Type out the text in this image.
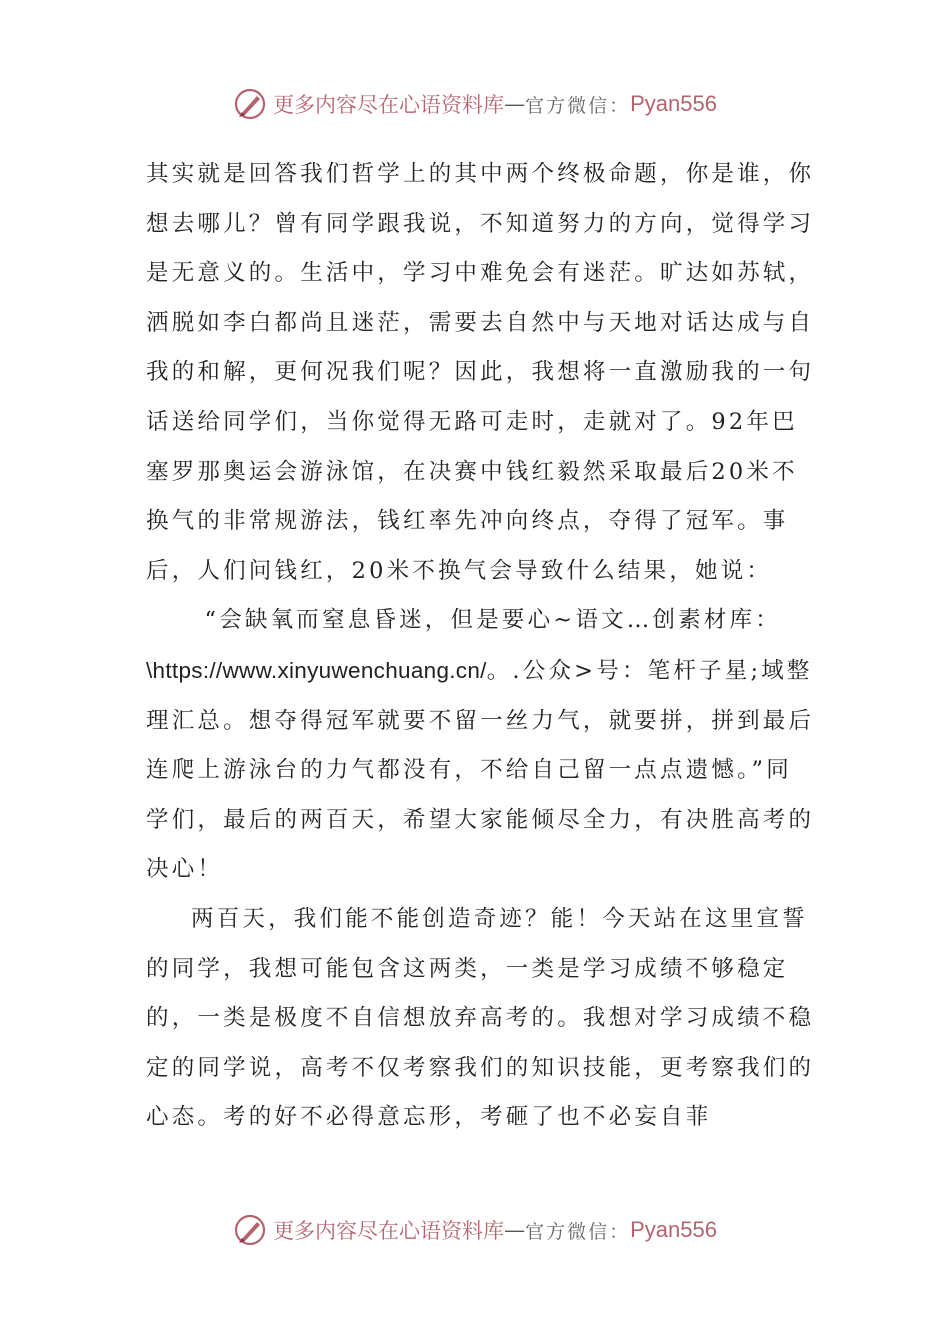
更多内容尽在心语资料库 — 官方微信： Pyan556

其实就是回答我们哲学上的其中两个终极命题，你是谁，你想去哪儿？曾有同学跟我说，不知道努力的方向，觉得学习是无意义的。生活中，学习中难免会有迷茫。旷达如苏轼，洒脱如李白都尚且迷茫，需要去自然中与天地对话达成与自我的和解，更何况我们呢？因此，我想将一直激励我的一句话送给同学们，当你觉得无路可走时，走就对了。92年巴塞罗那奥运会游泳馆，在决赛中钱红毅然采取最后20米不换气的非常规游法，钱红率先冲向终点，夺得了冠军。事后，人们问钱红，20米不换气会导致什么结果，她说：

“会缺氧而窒息昏迷，但是要心~语文…创素材库：

\https://www.xinyuwenchuang.cn/。.公众>号：笔杆子星;域整理汇总。想夺得冠军就要不留一丝力气，就要拼，拼到最后连爬上游泳台的力气都没有，不给自己留一点点遗憾。”同学们，最后的两百天，希望大家能倾尽全力，有决胜高考的决心！

两百天，我们能不能创造奇迹？能！今天站在这里宣誓的同学，我想可能包含这两类，一类是学习成绩不够稳定的，一类是极度不自信想放弃高考的。我想对学习成绩不稳定的同学说，高考不仅考察我们的知识技能，更考察我们的心态。考的好不必得意忘形，考砸了也不必妄自菲

更多内容尽在心语资料库 — 官方微信： Pyan556
